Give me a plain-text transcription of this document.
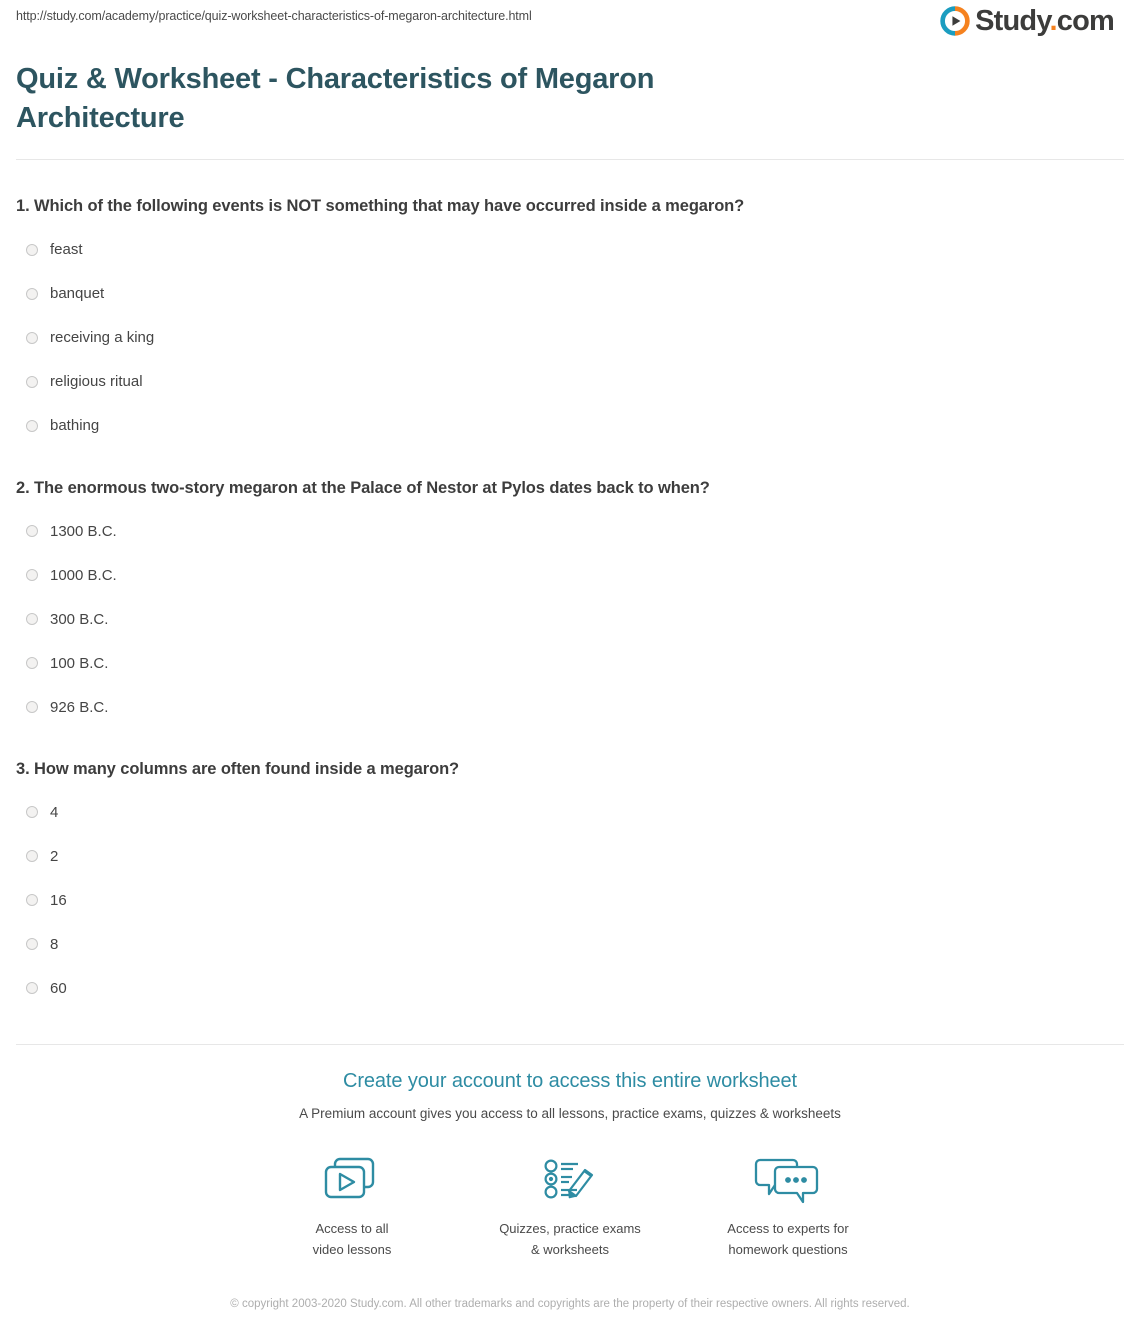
http://study.com/academy/practice/quiz-worksheet-characteristics-of-megaron-architecture.html	Study.com
Quiz & Worksheet - Characteristics of Megaron Architecture

1. Which of the following events is NOT something that may have occurred inside a megaron?

feast
banquet
receiving a king
religious ritual
bathing

2. The enormous two-story megaron at the Palace of Nestor at Pylos dates back to when?

1300 B.C.
1000 B.C.
300 B.C.
100 B.C.
926 B.C.

3. How many columns are often found inside a megaron?

4
2
16
8
60
Create your account to access this entire worksheet
A Premium account gives you access to all lessons, practice exams, quizzes & worksheets
Access to all
video lessons
Quizzes, practice exams
& worksheets
Access to experts for
homework questions
© copyright 2003-2020 Study.com. All other trademarks and copyrights are the property of their respective owners. All rights reserved.
